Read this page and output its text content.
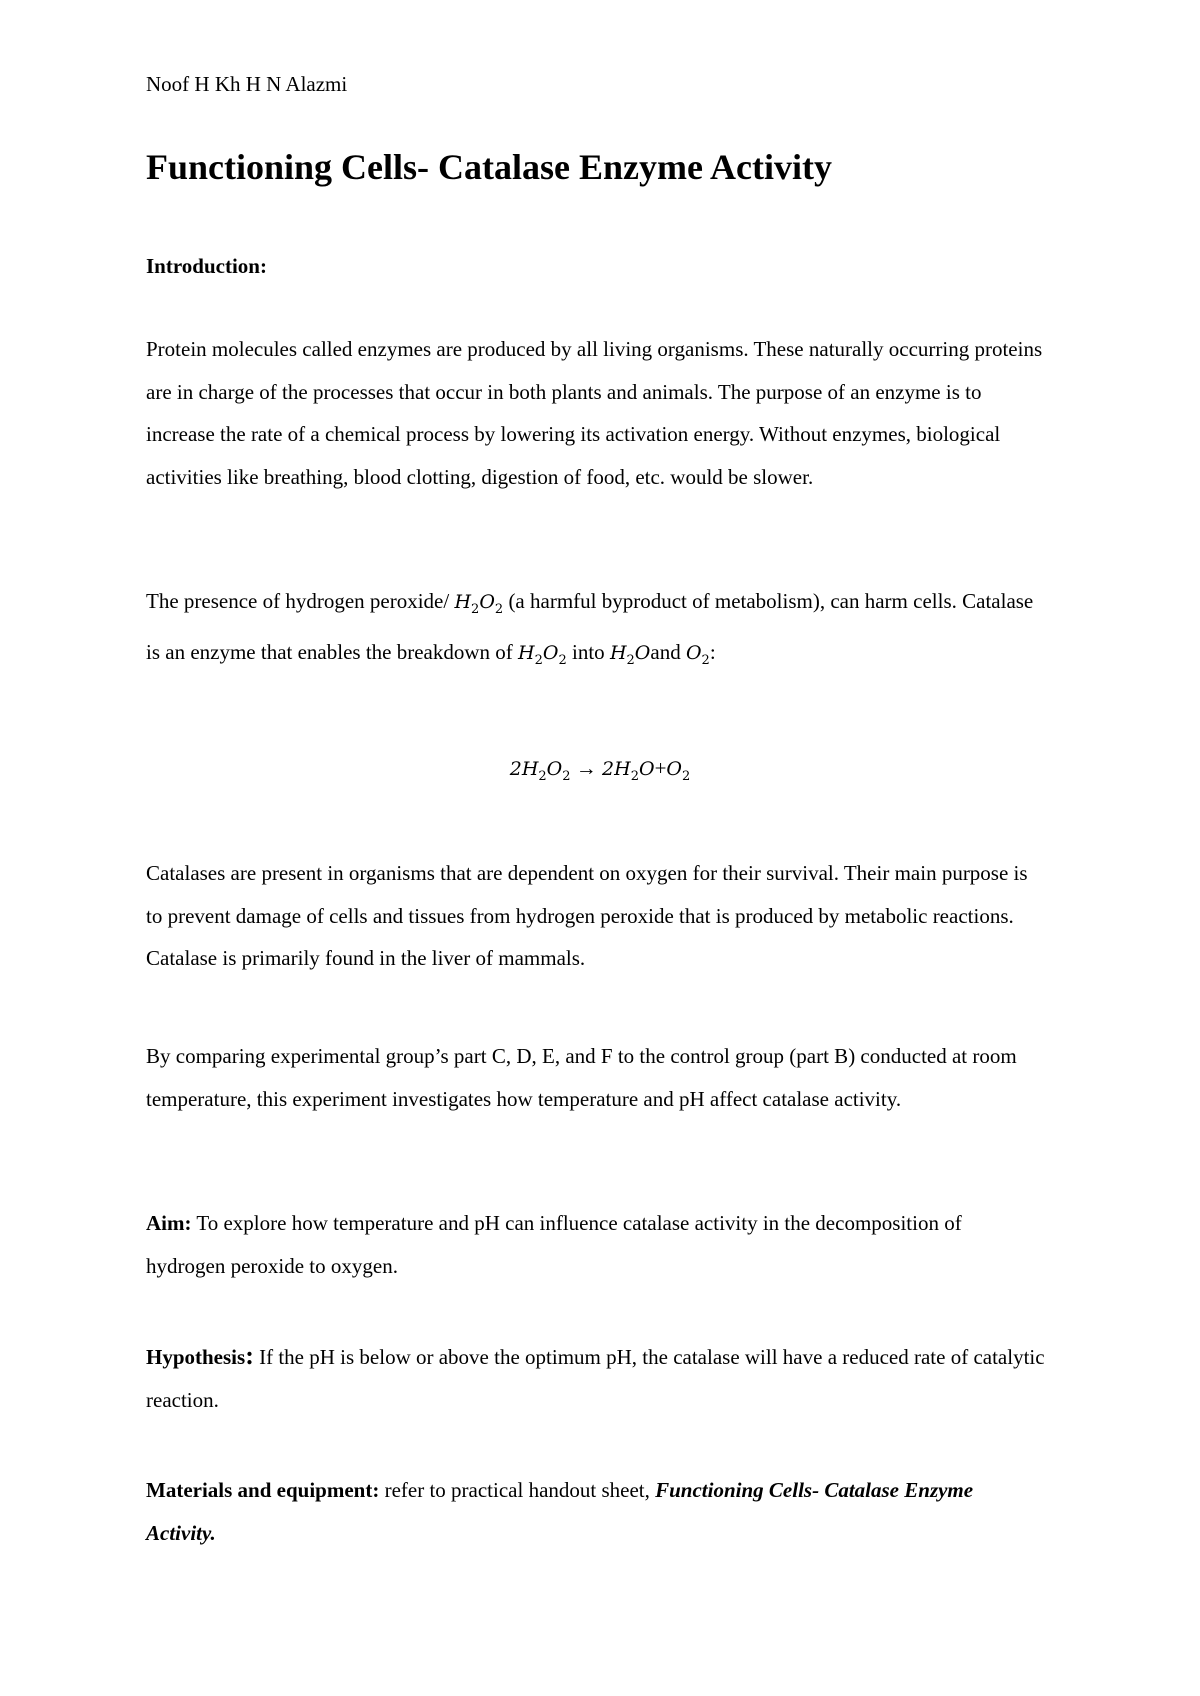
Noof H Kh H N Alazmi
Functioning Cells- Catalase Enzyme Activity
Introduction:

Protein molecules called enzymes are produced by all living organisms. These naturally occurring proteins are in charge of the processes that occur in both plants and animals. The purpose of an enzyme is to increase the rate of a chemical process by lowering its activation energy. Without enzymes, biological activities like breathing, blood clotting, digestion of food, etc. would be slower.

The presence of hydrogen peroxide/ $H_2O_2$ (a harmful byproduct of metabolism), can harm cells. Catalase is an enzyme that enables the breakdown of $H_2O_2$ into $H_2Oand$ $O_2$:

$2H_2O_2 \to 2H_2O+O_2$

Catalases are present in organisms that are dependent on oxygen for their survival. Their main purpose is to prevent damage of cells and tissues from hydrogen peroxide that is produced by metabolic reactions. Catalase is primarily found in the liver of mammals.

By comparing experimental group’s part C, D, E, and F to the control group (part B) conducted at room temperature, this experiment investigates how temperature and pH affect catalase activity.

Aim: To explore how temperature and pH can influence catalase activity in the decomposition of hydrogen peroxide to oxygen.

Hypothesis: If the pH is below or above the optimum pH, the catalase will have a reduced rate of catalytic reaction.

Materials and equipment: refer to practical handout sheet, Functioning Cells- Catalase Enzyme Activity.
